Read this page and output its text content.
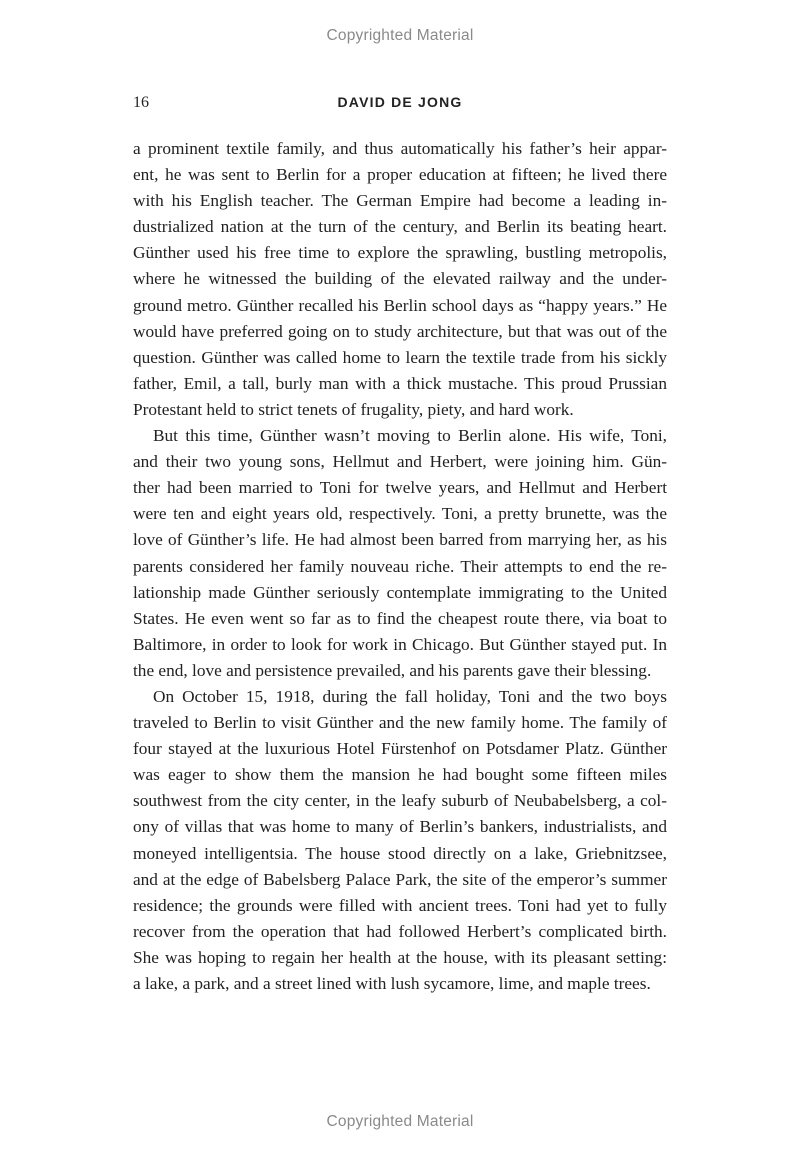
Copyrighted Material
16	DAVID DE JONG

a prominent textile family, and thus automatically his father’s heir appar-
ent, he was sent to Berlin for a proper education at fifteen; he lived there
with his English teacher. The German Empire had become a leading in-
dustrialized nation at the turn of the century, and Berlin its beating heart.
Günther used his free time to explore the sprawling, bustling metropolis,
where he witnessed the building of the elevated railway and the under-
ground metro. Günther recalled his Berlin school days as “happy years.” He
would have preferred going on to study architecture, but that was out of the
question. Günther was called home to learn the textile trade from his sickly
father, Emil, a tall, burly man with a thick mustache. This proud Prussian
Protestant held to strict tenets of frugality, piety, and hard work.

But this time, Günther wasn’t moving to Berlin alone. His wife, Toni,
and their two young sons, Hellmut and Herbert, were joining him. Gün-
ther had been married to Toni for twelve years, and Hellmut and Herbert
were ten and eight years old, respectively. Toni, a pretty brunette, was the
love of Günther’s life. He had almost been barred from marrying her, as his
parents considered her family nouveau riche. Their attempts to end the re-
lationship made Günther seriously contemplate immigrating to the United
States. He even went so far as to find the cheapest route there, via boat to
Baltimore, in order to look for work in Chicago. But Günther stayed put. In
the end, love and persistence prevailed, and his parents gave their blessing.

On October 15, 1918, during the fall holiday, Toni and the two boys
traveled to Berlin to visit Günther and the new family home. The family of
four stayed at the luxurious Hotel Fürstenhof on Potsdamer Platz. Günther
was eager to show them the mansion he had bought some fifteen miles
southwest from the city center, in the leafy suburb of Neubabelsberg, a col-
ony of villas that was home to many of Berlin’s bankers, industrialists, and
moneyed intelligentsia. The house stood directly on a lake, Griebnitzsee,
and at the edge of Babelsberg Palace Park, the site of the emperor’s summer
residence; the grounds were filled with ancient trees. Toni had yet to fully
recover from the operation that had followed Herbert’s complicated birth.
She was hoping to regain her health at the house, with its pleasant setting:
a lake, a park, and a street lined with lush sycamore, lime, and maple trees.

Copyrighted Material
